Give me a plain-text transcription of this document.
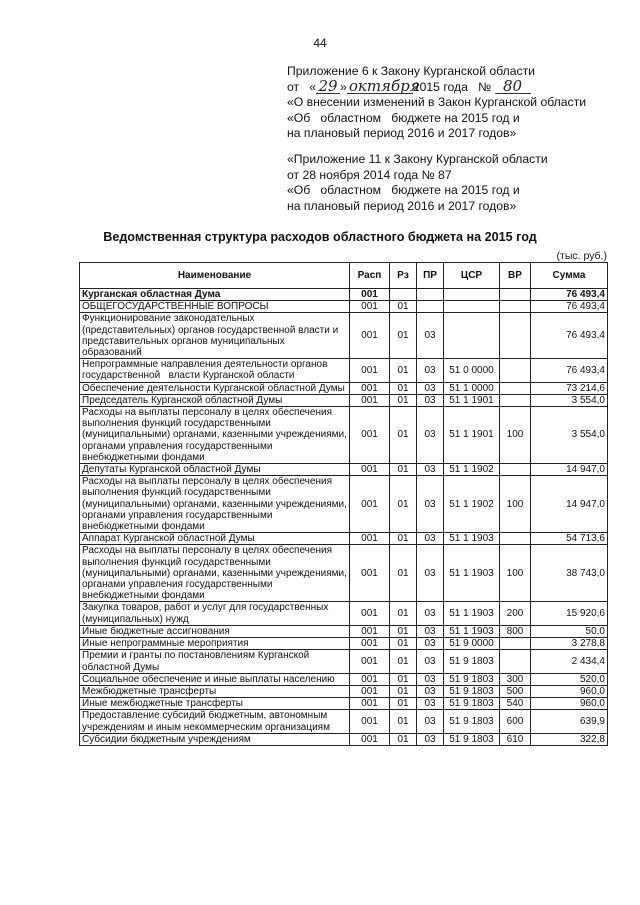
44
Приложение 6 к Закону Курганской области
от « 29 » октября2015 года № 80
«О внесении изменений в Закон Курганской области
«Об   областном   бюджете на 2015 год и
на плановый период 2016 и 2017 годов»
«Приложение 11 к Закону Курганской области
от 28 ноября 2014 года № 87
«Об   областном   бюджете на 2015 год и
на плановый период 2016 и 2017 годов»
Ведомственная структура расходов областного бюджета на 2015 год
(тыс. руб.)
Наименование	Расп	Рз	ПР	ЦСР	ВР	Сумма
Курганская областная Дума	001					76 493,4
ОБЩЕГОСУДАРСТВЕННЫЕ ВОПРОСЫ	001	01				76 493,4
Функционирование законодательных (представительных) органов государственной власти и представительных органов муниципальных образований	001	01	03			76 493,4
Непрограммные направления деятельности органов государственной   власти Курганской области	001	01	03	51 0 0000		76 493,4
Обеспечение деятельности Курганской областной Думы	001	01	03	51 1 0000		73 214,6
Председатель Курганской областной Думы	001	01	03	51 1 1901		3 554,0
Расходы на выплаты персоналу в целях обеспечения выполнения функций государственными (муниципальными) органами, казенными учреждениями, органами управления государственными внебюджетными фондами	001	01	03	51 1 1901	100	3 554,0
Депутаты Курганской областной Думы	001	01	03	51 1 1902		14 947,0
Расходы на выплаты персоналу в целях обеспечения выполнения функций государственными (муниципальными) органами, казенными учреждениями, органами управления государственными внебюджетными фондами	001	01	03	51 1 1902	100	14 947,0
Аппарат Курганской областной Думы	001	01	03	51 1 1903		54 713,6
Расходы на выплаты персоналу в целях обеспечения выполнения функций государственными (муниципальными) органами, казенными учреждениями, органами управления государственными внебюджетными фондами	001	01	03	51 1 1903	100	38 743,0
Закупка товаров, работ и услуг для государственных (муниципальных) нужд	001	01	03	51 1 1903	200	15 920,6
Иные бюджетные ассигнования	001	01	03	51 1 1903	800	50,0
Иные непрограммные мероприятия	001	01	03	51 9 0000		3 278,8
Премии и гранты по постановлениям Курганской областной Думы	001	01	03	51 9 1803		2 434,4
Социальное обеспечение и иные выплаты населению	001	01	03	51 9 1803	300	520,0
Межбюджетные трансферты	001	01	03	51 9 1803	500	960,0
Иные межбюджетные трансферты	001	01	03	51 9 1803	540	960,0
Предоставление субсидий бюджетным, автономным учреждениям и иным некоммерческим организациям	001	01	03	51 9 1803	600	639,9
Субсидии бюджетным учреждениям	001	01	03	51 9 1803	610	322,8
